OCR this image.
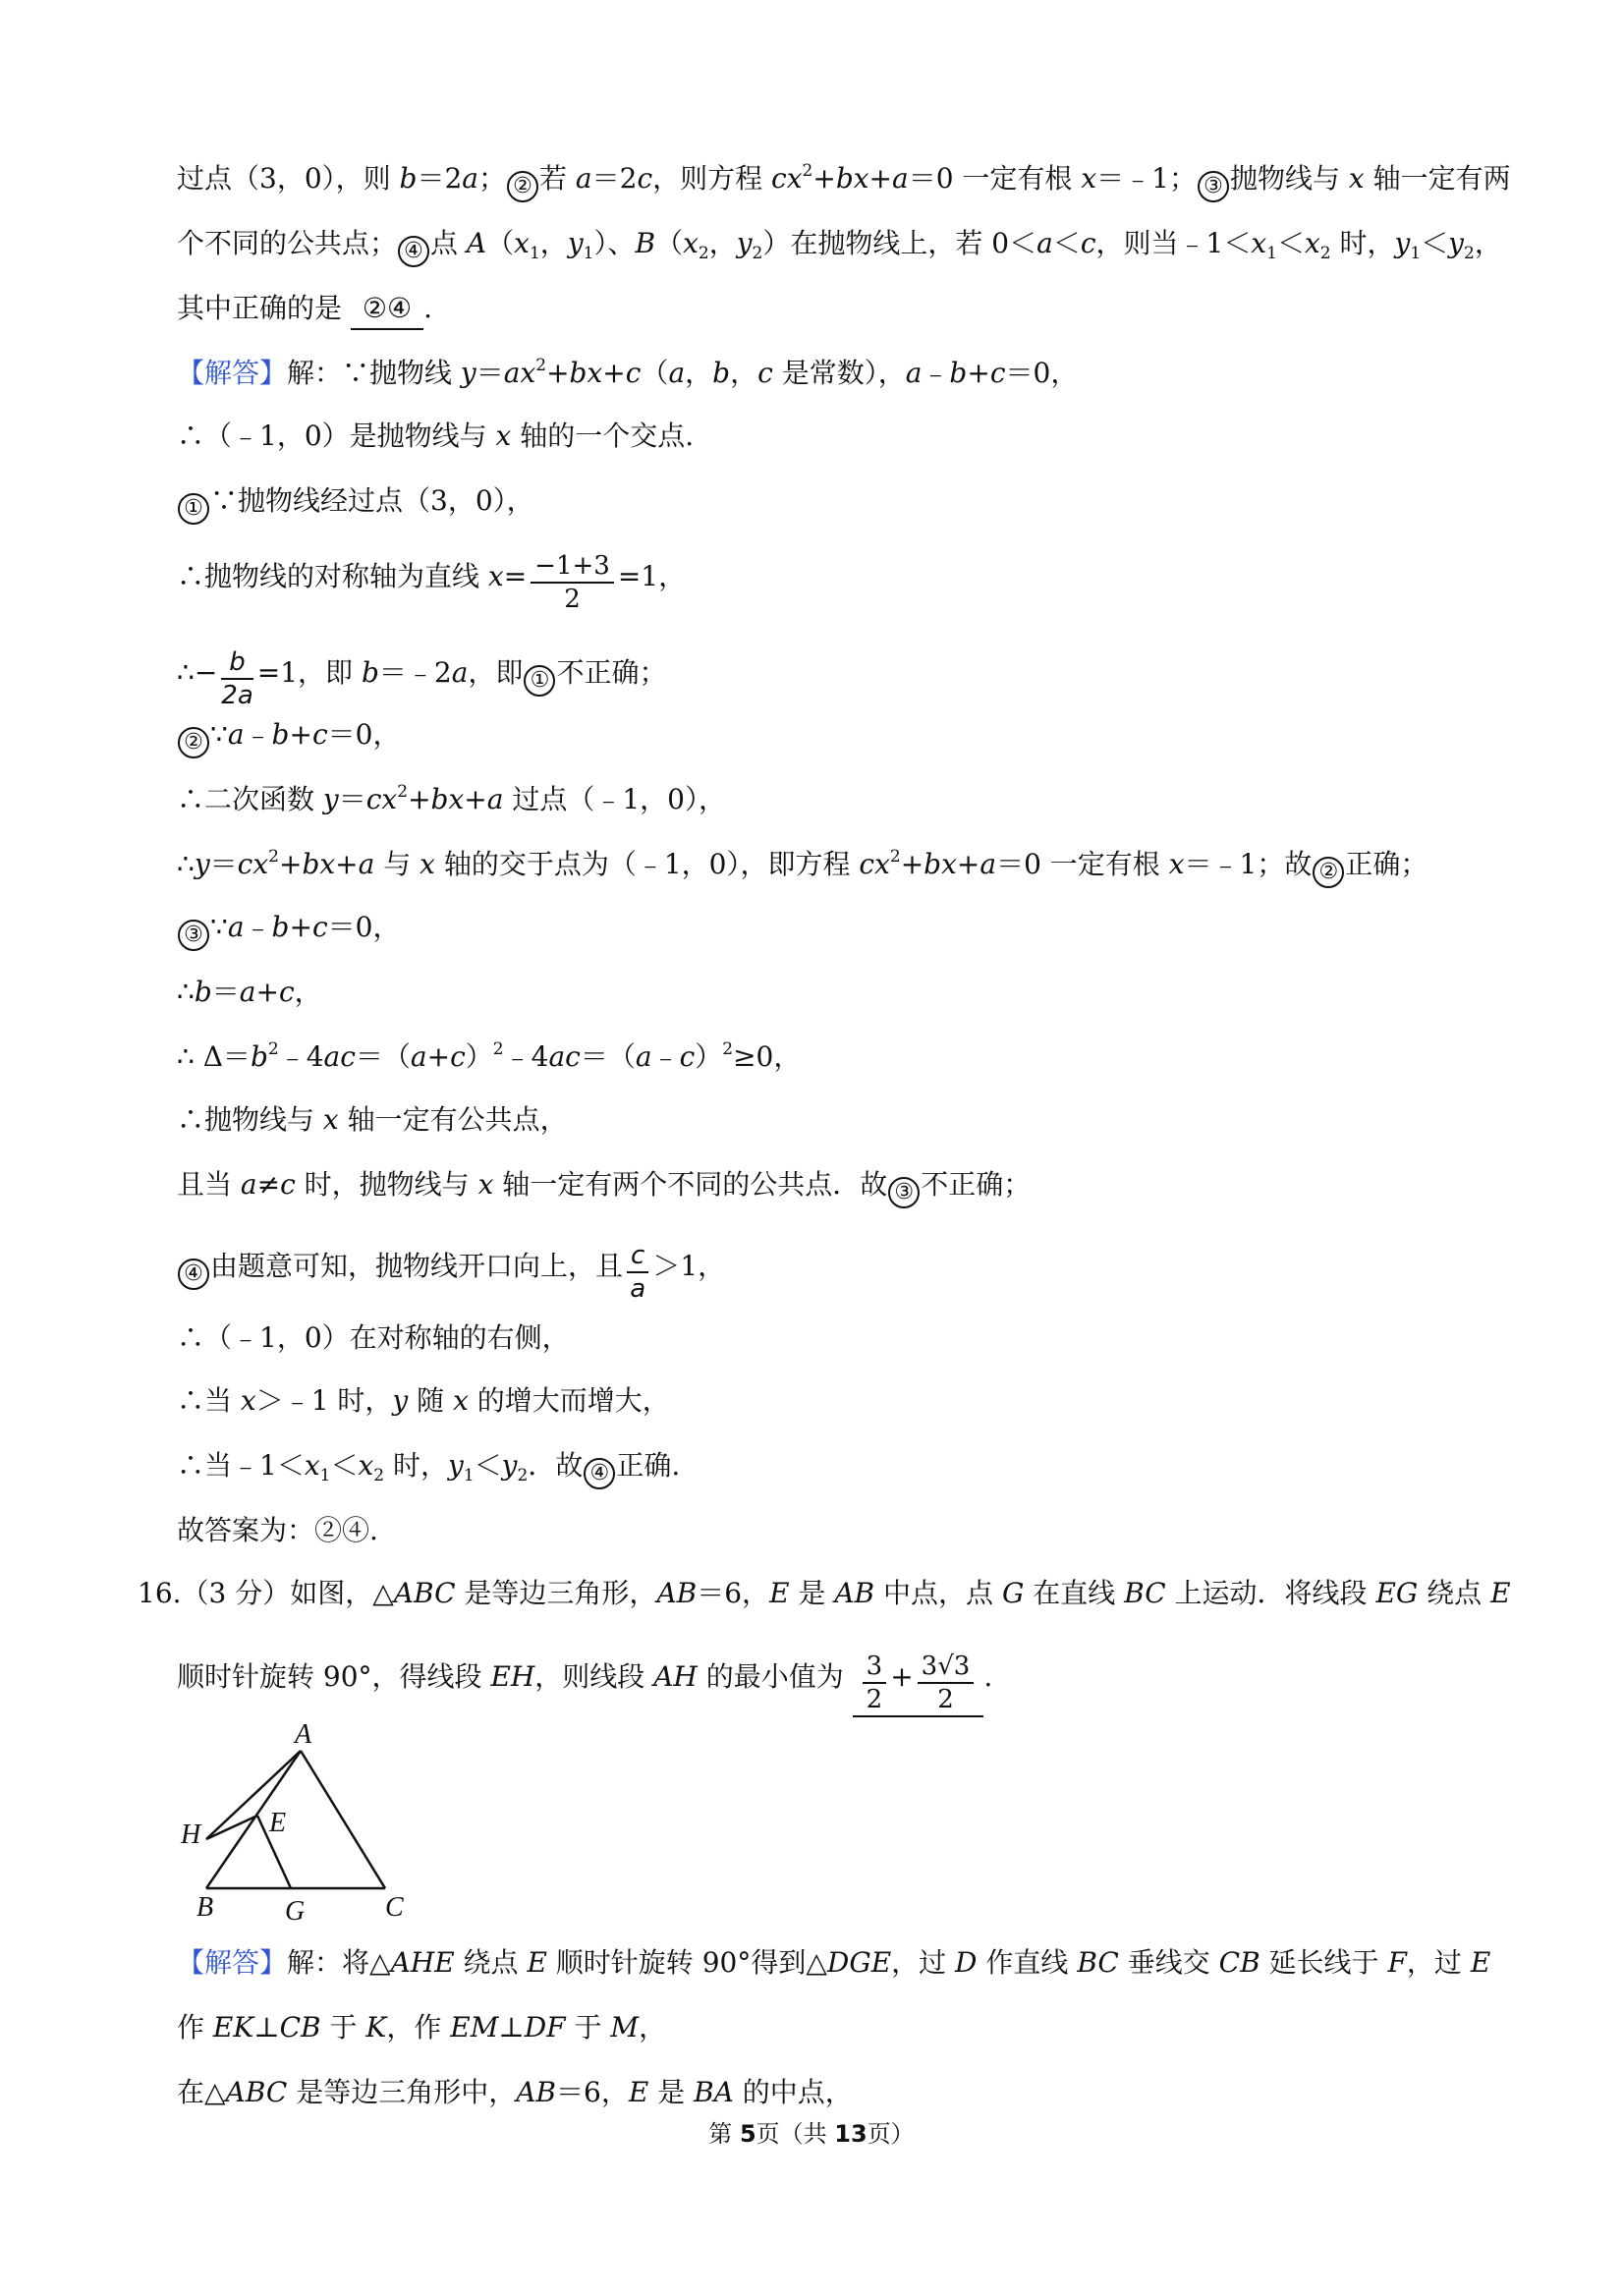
过点（3，0），则 b＝2a； ② 若 a＝2c，则方程 $cx^2+bx+a=0$ 一定有根 x＝﹣1； ③ 抛物线与 x 轴一定有两
个不同的公共点； ④ 点 $A(x_1$，$y_1$）、$B(x_2$，$y_2$）在抛物线上，若 0＜a＜c，则当$﹣1<x_1<x_2$ 时，$y_1<y_2$，
其中正确的是 ②④ .
【解答】解：∵抛物线 $y=ax^2+bx+c(a$，b，c 是常数），a﹣b+c＝0，
∴（﹣1，0）是抛物线与 x 轴的一个交点.
① ∵抛物线经过点（3，0），
∴抛物线的对称轴为直线 $x= \frac{-1+3}{2} =1$，
∴− $\frac{b}{2a} =1$，即 b＝﹣2a，即 ① 不正确；
② ∵a﹣b+c＝0，
∴二次函数 $y=cx^2+bx+a$ 过点（﹣1，0），
$\therefore y=cx^2+bx+a$ 与 x 轴的交于点为（﹣1，0），即方程 $cx^2+bx+a=0$ 一定有根 x＝﹣1；故 ② 正确；
③ ∵a﹣b+c＝0，
∴b＝a+c，
∴ $\Delta=b^2﹣4ac=(a+c)^2﹣4ac=(a﹣c)^2\ge 0$，
∴抛物线与 x 轴一定有公共点，
且当 a≠c 时，抛物线与 x 轴一定有两个不同的公共点．故 ③ 不正确；
④ 由题意可知，抛物线开口向上，且 $\frac{c}{a} >1$，
∴（﹣1，0）在对称轴的右侧，
∴当 x＞﹣1 时，y 随 x 的增大而增大，
∴当$﹣1<x_1<x_2$ 时，$y_1<y_2$．故 ④ 正确.
故答案为：②④.
16.（3 分）如图，△ABC 是等边三角形，AB＝6，E 是 AB 中点，点 G 在直线 BC 上运动．将线段 EG 绕点 E
顺时针旋转 90°，得线段 EH，则线段 AH 的最小值为 $\frac{3}{2} + \frac{3√3}{2}$ .
A
H E
B	G	C
【解答】解：将△AHE 绕点 E 顺时针旋转 90°得到△DGE，过 D 作直线 BC 垂线交 CB 延长线于 F，过 E
作 EK⊥CB 于 K，作 EM⊥DF 于 M，
在△ABC 是等边三角形中，AB＝6，E 是 BA 的中点，
第 5页（共 13页）
